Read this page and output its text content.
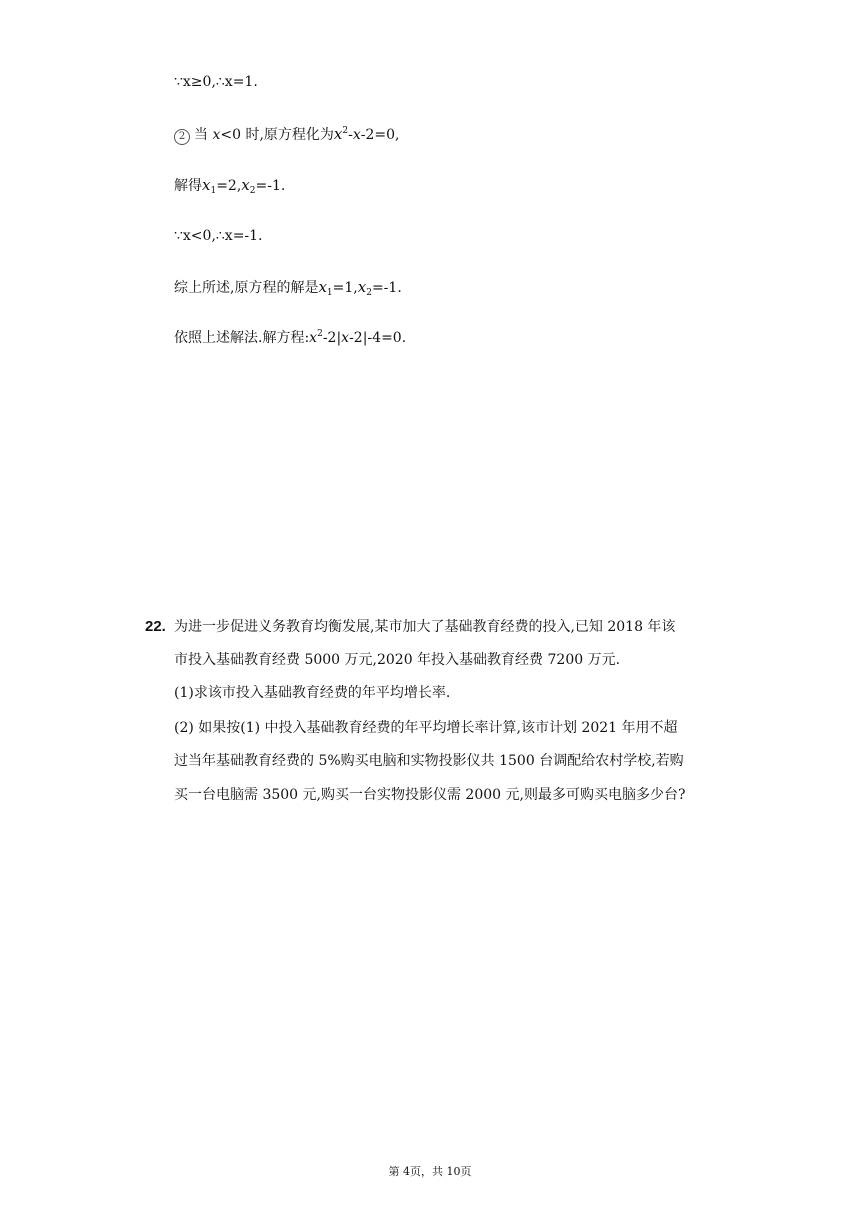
∵x≥0,∴x=1.
2 当 x<0 时,原方程化为$x^2-x-2=0$,
解得$x_1=2,x_2=-1$.
∵x<0,∴x=-1.
综上所述,原方程的解是$x_1=1,x_2=-1$.
依照上述解法.解方程$:x^2-2|x-2|-4=0$.
22. 为进一步促进义务教育均衡发展,某市加大了基础教育经费的投入,已知 2018 年该
市投入基础教育经费 5000 万元,2020 年投入基础教育经费 7200 万元.
(1)求该市投入基础教育经费的年平均增长率.
(2) 如果按(1) 中投入基础教育经费的年平均增长率计算,该市计划 2021 年用不超
过当年基础教育经费的 5%购买电脑和实物投影仪共 1500 台调配给农村学校,若购
买一台电脑需 3500 元,购买一台实物投影仪需 2000 元,则最多可购买电脑多少台?
第 4页，共 10页
